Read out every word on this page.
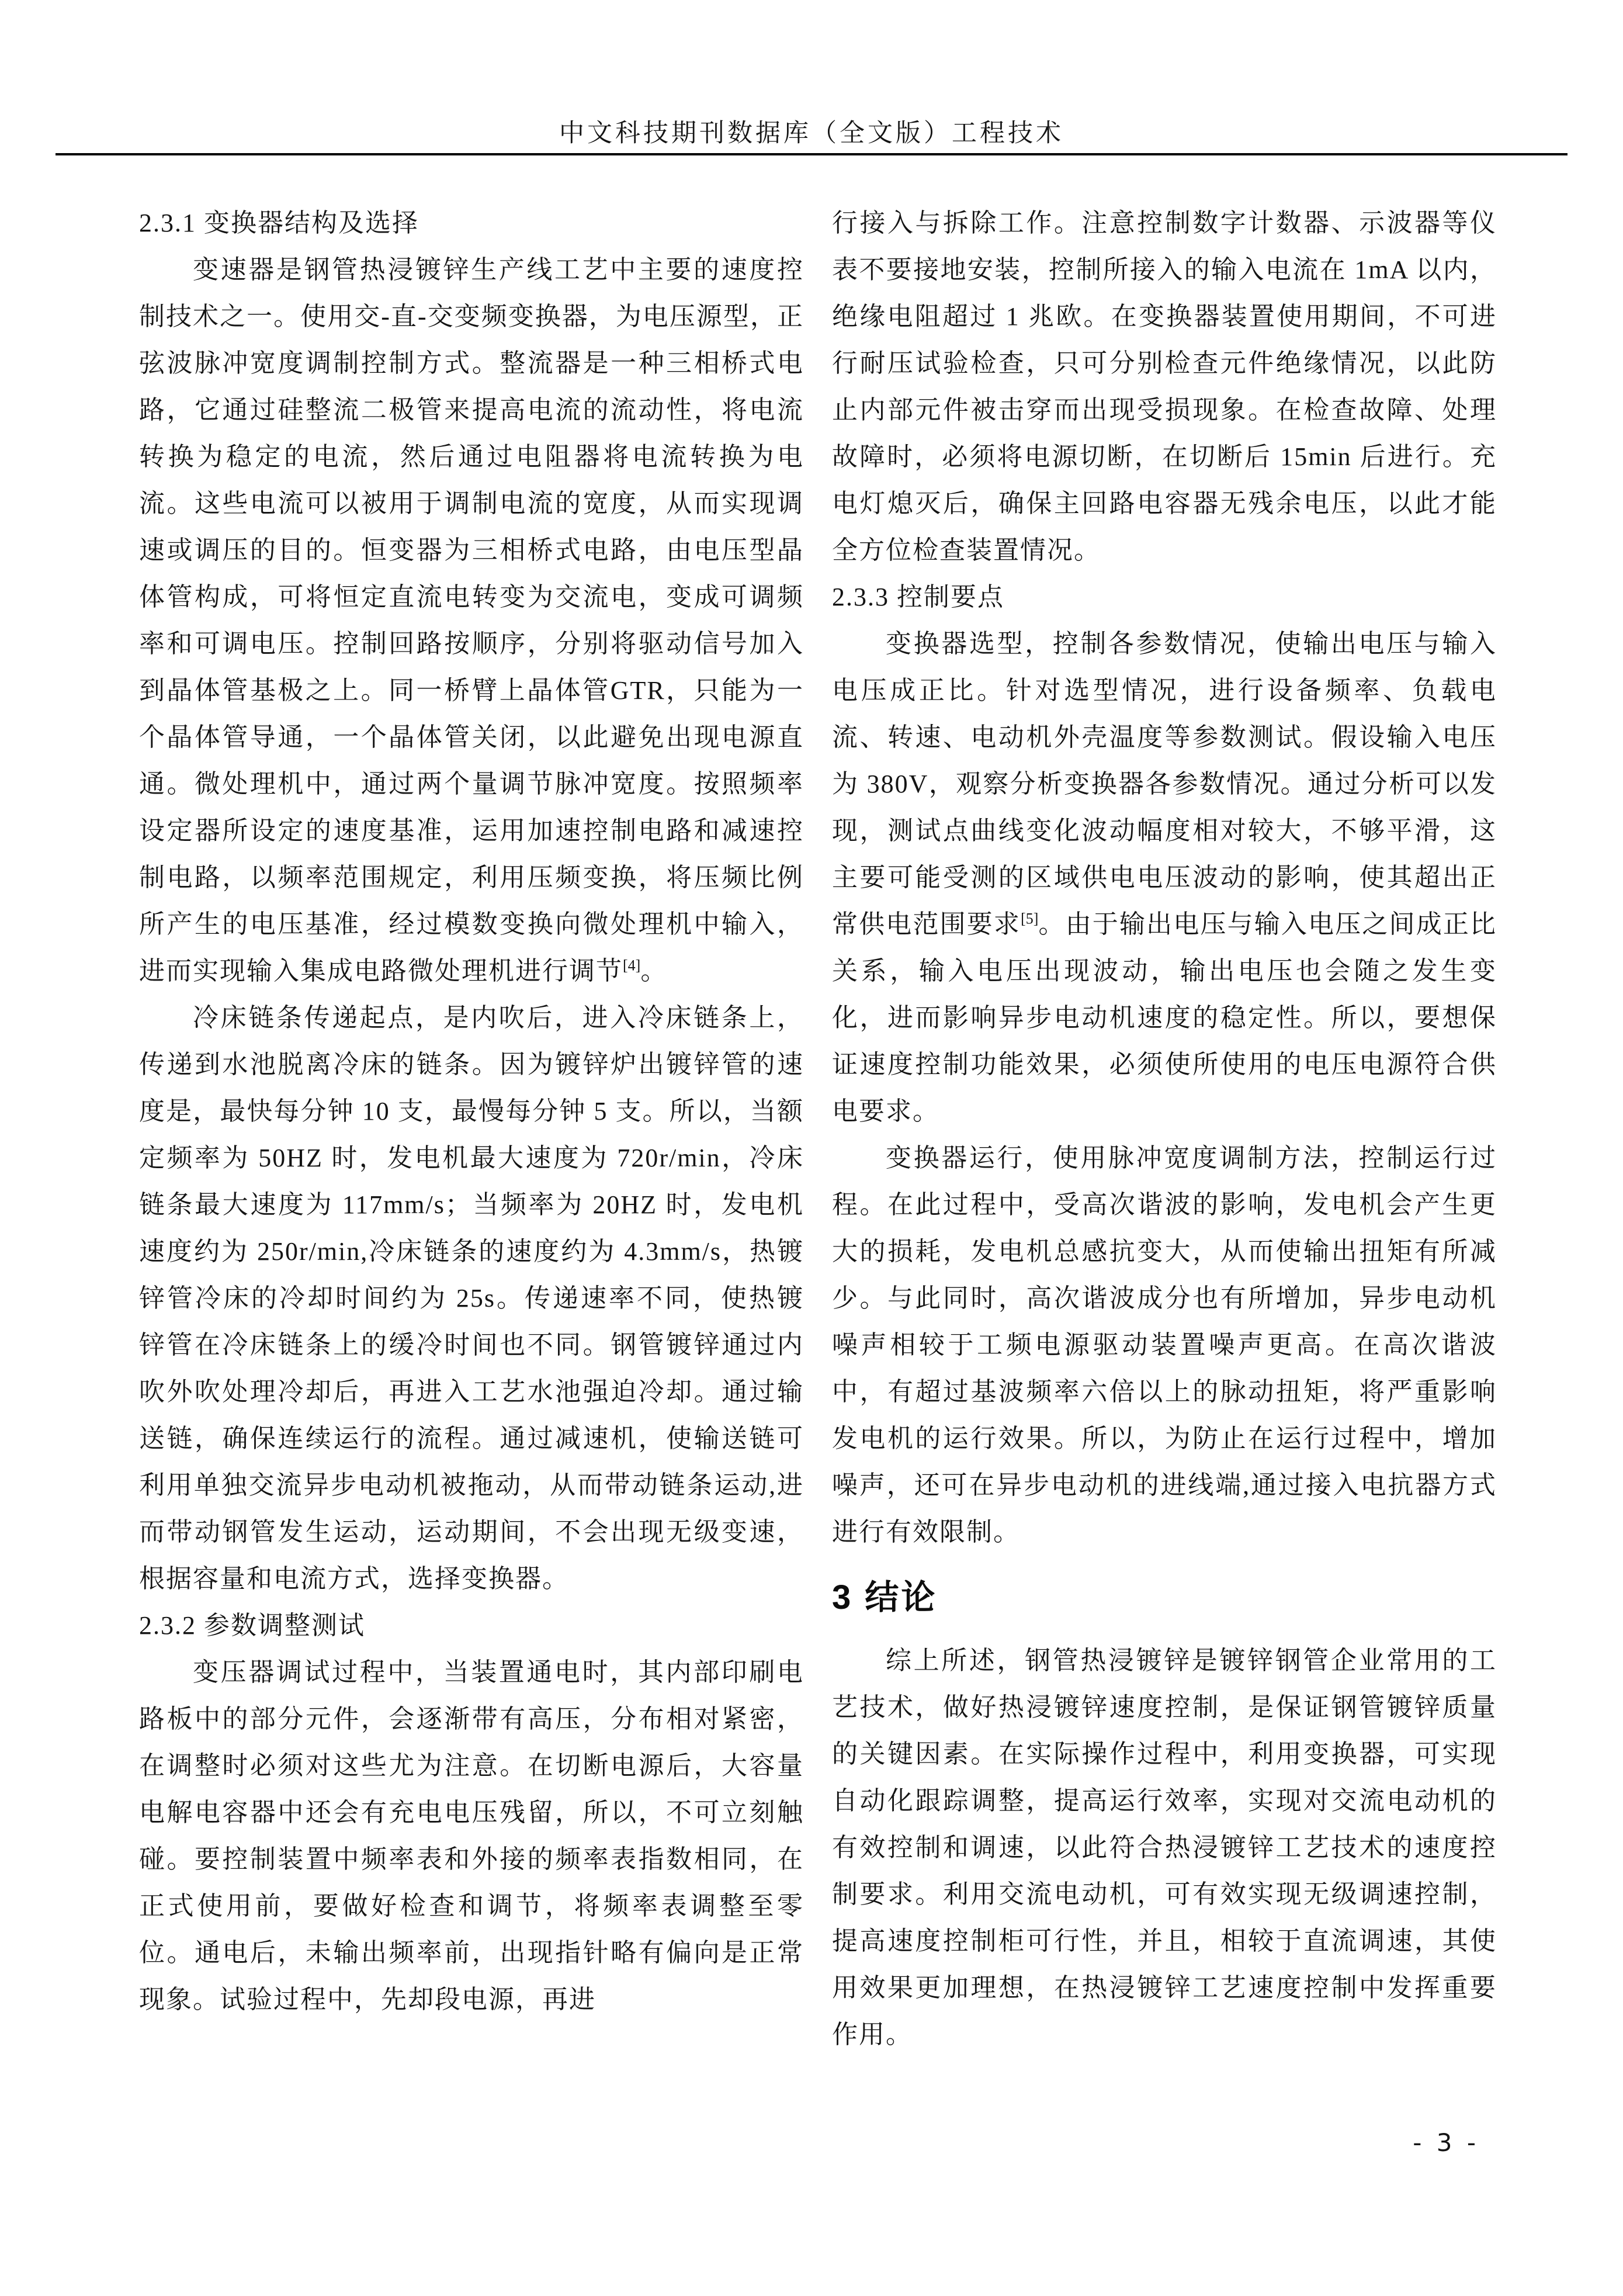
中文科技期刊数据库（全文版）工程技术
2.3.1 变换器结构及选择

变速器是钢管热浸镀锌生产线工艺中主要的速度控制技术之一。使用交-直-交变频变换器，为电压源型，正弦波脉冲宽度调制控制方式。整流器是一种三相桥式电路，它通过硅整流二极管来提高电流的流动性，将电流转换为稳定的电流，然后通过电阻器将电流转换为电流。这些电流可以被用于调制电流的宽度，从而实现调速或调压的目的。恒变器为三相桥式电路，由电压型晶体管构成，可将恒定直流电转变为交流电，变成可调频率和可调电压。控制回路按顺序，分别将驱动信号加入到晶体管基极之上。同一桥臂上晶体管GTR，只能为一个晶体管导通，一个晶体管关闭，以此避免出现电源直通。微处理机中，通过两个量调节脉冲宽度。按照频率设定器所设定的速度基准，运用加速控制电路和减速控制电路，以频率范围规定，利用压频变换，将压频比例所产生的电压基准，经过模数变换向微处理机中输入，进而实现输入集成电路微处理机进行调节[4]。

冷床链条传递起点，是内吹后，进入冷床链条上，传递到水池脱离冷床的链条。因为镀锌炉出镀锌管的速度是，最快每分钟 10 支，最慢每分钟 5 支。所以，当额定频率为 50HZ 时，发电机最大速度为 720r/min，冷床链条最大速度为 117mm/s；当频率为 20HZ 时，发电机速度约为 250r/min,冷床链条的速度约为 4.3mm/s，热镀锌管冷床的冷却时间约为 25s。传递速率不同，使热镀锌管在冷床链条上的缓冷时间也不同。钢管镀锌通过内吹外吹处理冷却后，再进入工艺水池强迫冷却。通过输送链，确保连续运行的流程。通过减速机，使输送链可利用单独交流异步电动机被拖动，从而带动链条运动,进而带动钢管发生运动，运动期间，不会出现无级变速，根据容量和电流方式，选择变换器。

2.3.2 参数调整测试

变压器调试过程中，当装置通电时，其内部印刷电路板中的部分元件，会逐渐带有高压，分布相对紧密，在调整时必须对这些尤为注意。在切断电源后，大容量电解电容器中还会有充电电压残留，所以，不可立刻触碰。要控制装置中频率表和外接的频率表指数相同，在正式使用前，要做好检查和调节，将频率表调整至零位。通电后，未输出频率前，出现指针略有偏向是正常现象。试验过程中，先却段电源，再进

行接入与拆除工作。注意控制数字计数器、示波器等仪表不要接地安装，控制所接入的输入电流在 1mA 以内，绝缘电阻超过 1 兆欧。在变换器装置使用期间，不可进行耐压试验检查，只可分别检查元件绝缘情况，以此防止内部元件被击穿而出现受损现象。在检查故障、处理故障时，必须将电源切断，在切断后 15min 后进行。充电灯熄灭后，确保主回路电容器无残余电压，以此才能全方位检查装置情况。

2.3.3 控制要点

变换器选型，控制各参数情况，使输出电压与输入电压成正比。针对选型情况，进行设备频率、负载电流、转速、电动机外壳温度等参数测试。假设输入电压为 380V，观察分析变换器各参数情况。通过分析可以发现，测试点曲线变化波动幅度相对较大，不够平滑，这主要可能受测的区域供电电压波动的影响，使其超出正常供电范围要求[5]。由于输出电压与输入电压之间成正比关系，输入电压出现波动，输出电压也会随之发生变化，进而影响异步电动机速度的稳定性。所以，要想保证速度控制功能效果，必须使所使用的电压电源符合供电要求。

变换器运行，使用脉冲宽度调制方法，控制运行过程。在此过程中，受高次谐波的影响，发电机会产生更大的损耗，发电机总感抗变大，从而使输出扭矩有所减少。与此同时，高次谐波成分也有所增加，异步电动机噪声相较于工频电源驱动装置噪声更高。在高次谐波中，有超过基波频率六倍以上的脉动扭矩，将严重影响发电机的运行效果。所以，为防止在运行过程中，增加噪声，还可在异步电动机的进线端,通过接入电抗器方式进行有效限制。

3 结论

综上所述，钢管热浸镀锌是镀锌钢管企业常用的工艺技术，做好热浸镀锌速度控制，是保证钢管镀锌质量的关键因素。在实际操作过程中，利用变换器，可实现自动化跟踪调整，提高运行效率，实现对交流电动机的有效控制和调速，以此符合热浸镀锌工艺技术的速度控制要求。利用交流电动机，可有效实现无级调速控制，提高速度控制柜可行性，并且，相较于直流调速，其使用效果更加理想，在热浸镀锌工艺速度控制中发挥重要作用。

- 3 -
